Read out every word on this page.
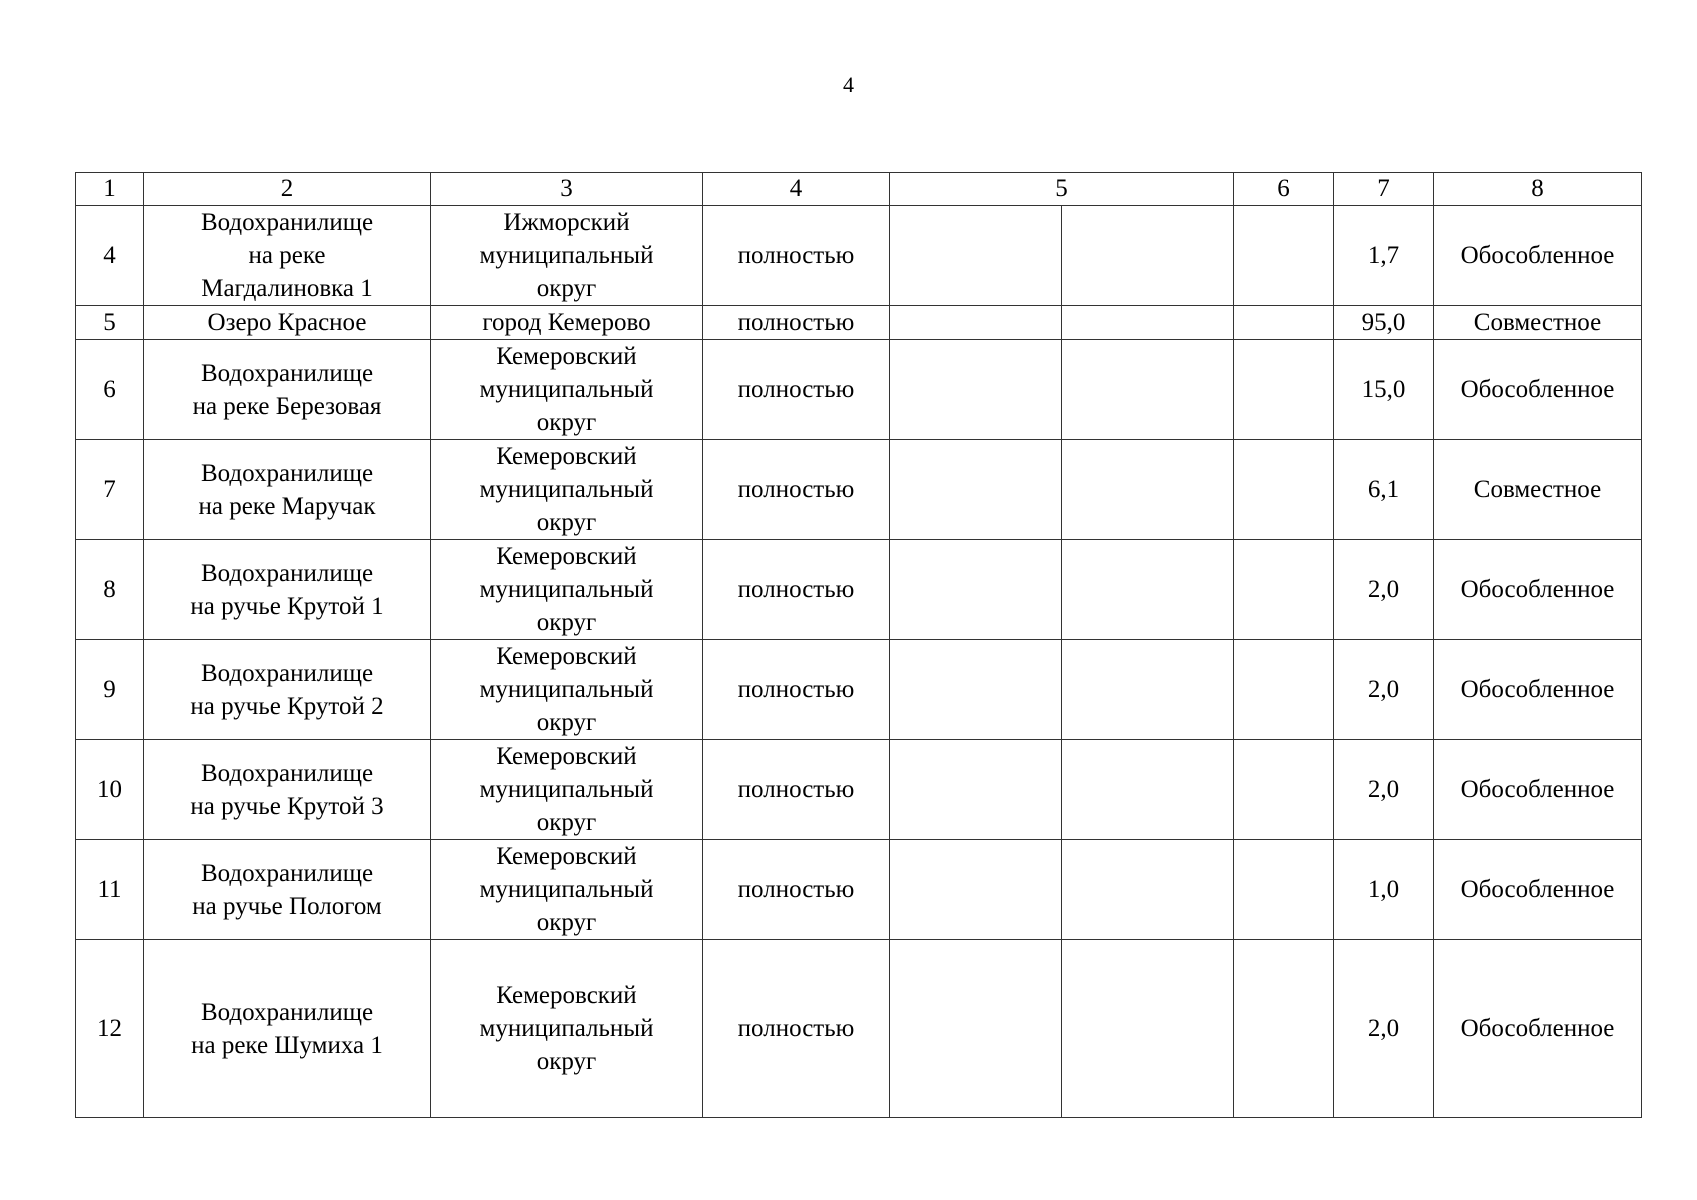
4
1	2	3	4	5		6	7	8
4	Водохранилище
на реке
Магдалиновка 1	Ижморский
муниципальный
округ	полностью				1,7	Обособленное
5	Озеро Красное	город Кемерово	полностью				95,0	Совместное
6	Водохранилище
на реке Березовая	Кемеровский
муниципальный
округ	полностью				15,0	Обособленное
7	Водохранилище
на реке Маручак	Кемеровский
муниципальный
округ	полностью				6,1	Совместное
8	Водохранилище
на ручье Крутой 1	Кемеровский
муниципальный
округ	полностью				2,0	Обособленное
9	Водохранилище
на ручье Крутой 2	Кемеровский
муниципальный
округ	полностью				2,0	Обособленное
10	Водохранилище
на ручье Крутой 3	Кемеровский
муниципальный
округ	полностью				2,0	Обособленное
11	Водохранилище
на ручье Пологом	Кемеровский
муниципальный
округ	полностью				1,0	Обособленное
12	Водохранилище
на реке Шумиха 1	Кемеровский
муниципальный
округ	полностью				2,0	Обособленное
